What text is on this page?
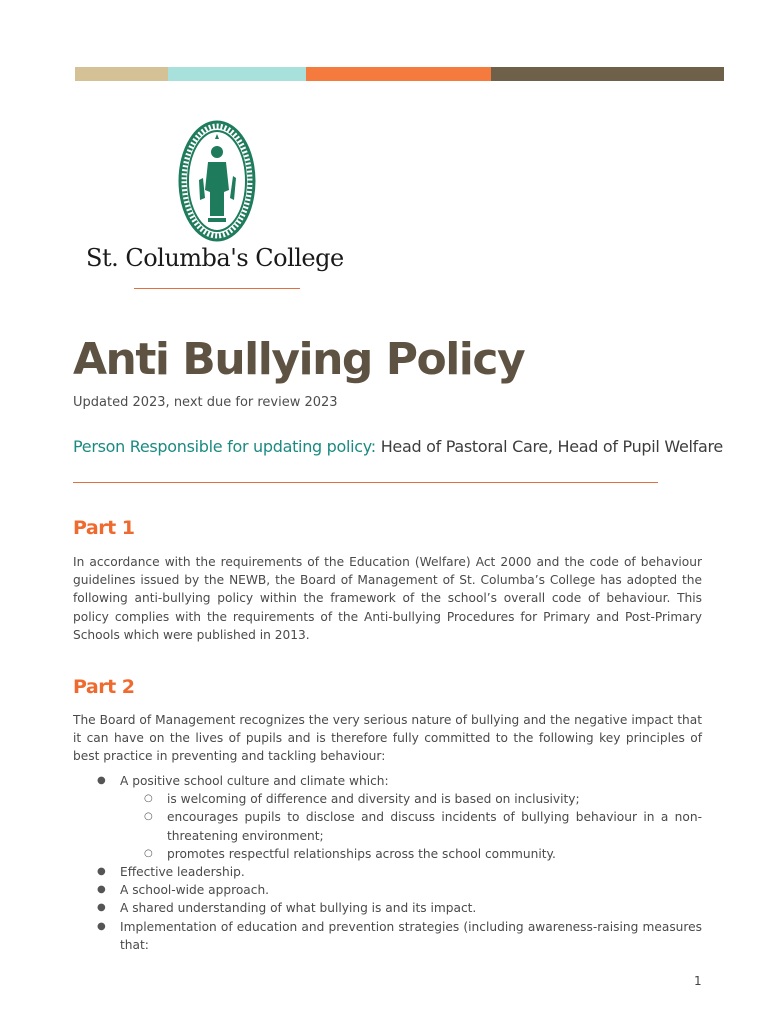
St. Columba's College
Anti Bullying Policy
Updated 2023, next due for review 2023
Person Responsible for updating policy: Head of Pastoral Care, Head of Pupil Welfare
Part 1

In accordance with the requirements of the Education (Welfare) Act 2000 and the code of behaviour guidelines issued by the NEWB, the Board of Management of St. Columba’s College has adopted the following anti-bullying policy within the framework of the school’s overall code of behaviour. This policy complies with the requirements of the Anti-bullying Procedures for Primary and Post-Primary Schools which were published in 2013.

Part 2

The Board of Management recognizes the very serious nature of bullying and the negative impact that it can have on the lives of pupils and is therefore fully committed to the following key principles of best practice in preventing and tackling behaviour:

● A positive school culture and climate which:
○ is welcoming of difference and diversity and is based on inclusivity;
○ encourages pupils to disclose and discuss incidents of bullying behaviour in a non-threatening environment;
○ promotes respectful relationships across the school community.
● Effective leadership.
● A school-wide approach.
● A shared understanding of what bullying is and its impact.
● Implementation of education and prevention strategies (including awareness-raising measures that:
1
